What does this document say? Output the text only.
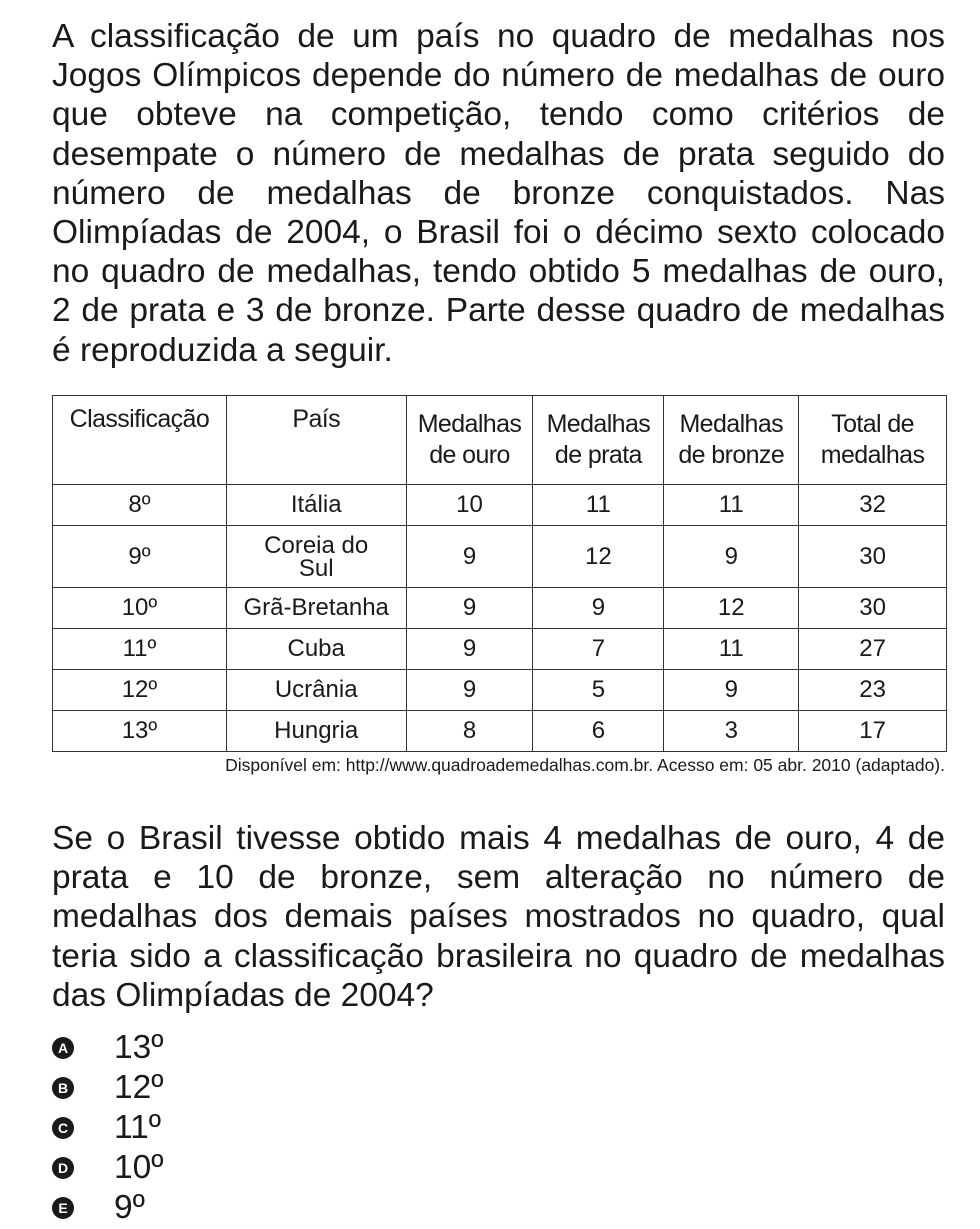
A classificação de um país no quadro de medalhas nos Jogos Olímpicos depende do número de medalhas de ouro que obteve na competição, tendo como critérios de desempate o número de medalhas de prata seguido do número de medalhas de bronze conquistados. Nas Olimpíadas de 2004, o Brasil foi o décimo sexto colocado no quadro de medalhas, tendo obtido 5 medalhas de ouro, 2 de prata e 3 de bronze. Parte desse quadro de medalhas é reproduzida a seguir.

Classificação	País	Medalhas de ouro	Medalhas de prata	Medalhas de bronze	Total de medalhas
8º	Itália	10	11	11	32
9º	Coreia do Sul	9	12	9	30
10º	Grã-Bretanha	9	9	12	30
11º	Cuba	9	7	11	27
12º	Ucrânia	9	5	9	23
13º	Hungria	8	6	3	17

Disponível em: http://www.quadroademedalhas.com.br. Acesso em: 05 abr. 2010 (adaptado).

Se o Brasil tivesse obtido mais 4 medalhas de ouro, 4 de prata e 10 de bronze, sem alteração no número de medalhas dos demais países mostrados no quadro, qual teria sido a classificação brasileira no quadro de medalhas das Olimpíadas de 2004?

A 13º
B 12º
C 11º
D 10º
E 9º
